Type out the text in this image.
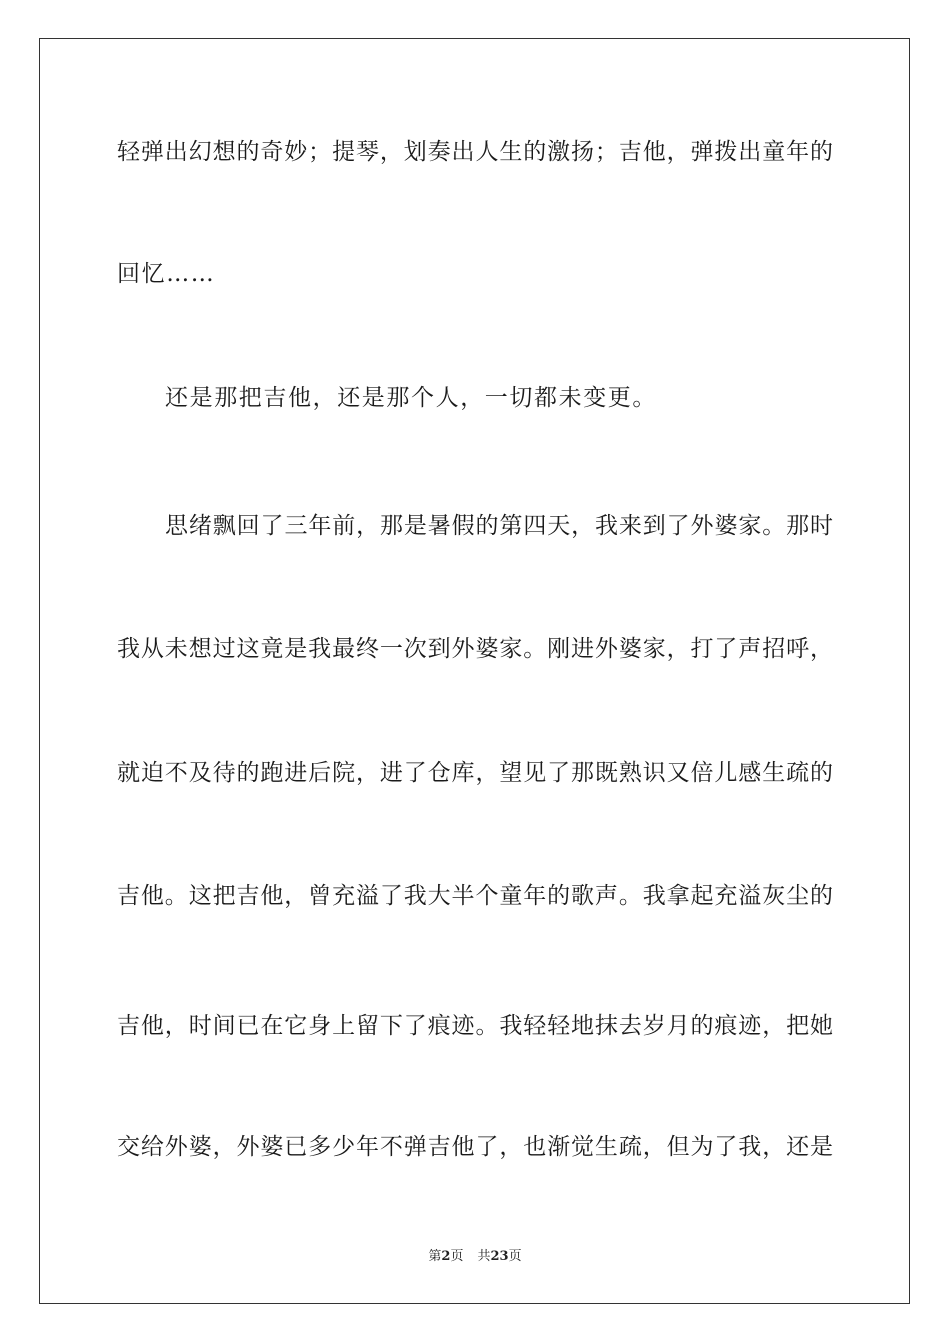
轻弹出幻想的奇妙；提琴，划奏出人生的激扬；吉他，弹拨出童年的
回忆……
还是那把吉他，还是那个人，一切都未变更。
思绪飘回了三年前，那是暑假的第四天，我来到了外婆家。那时
我从未想过这竟是我最终一次到外婆家。刚进外婆家，打了声招呼，
就迫不及待的跑进后院，进了仓库，望见了那既熟识又倍儿感生疏的
吉他。这把吉他，曾充溢了我大半个童年的歌声。我拿起充溢灰尘的
吉他，时间已在它身上留下了痕迹。我轻轻地抹去岁月的痕迹，把她
交给外婆，外婆已多少年不弹吉他了，也渐觉生疏，但为了我，还是
第2页 共23页
